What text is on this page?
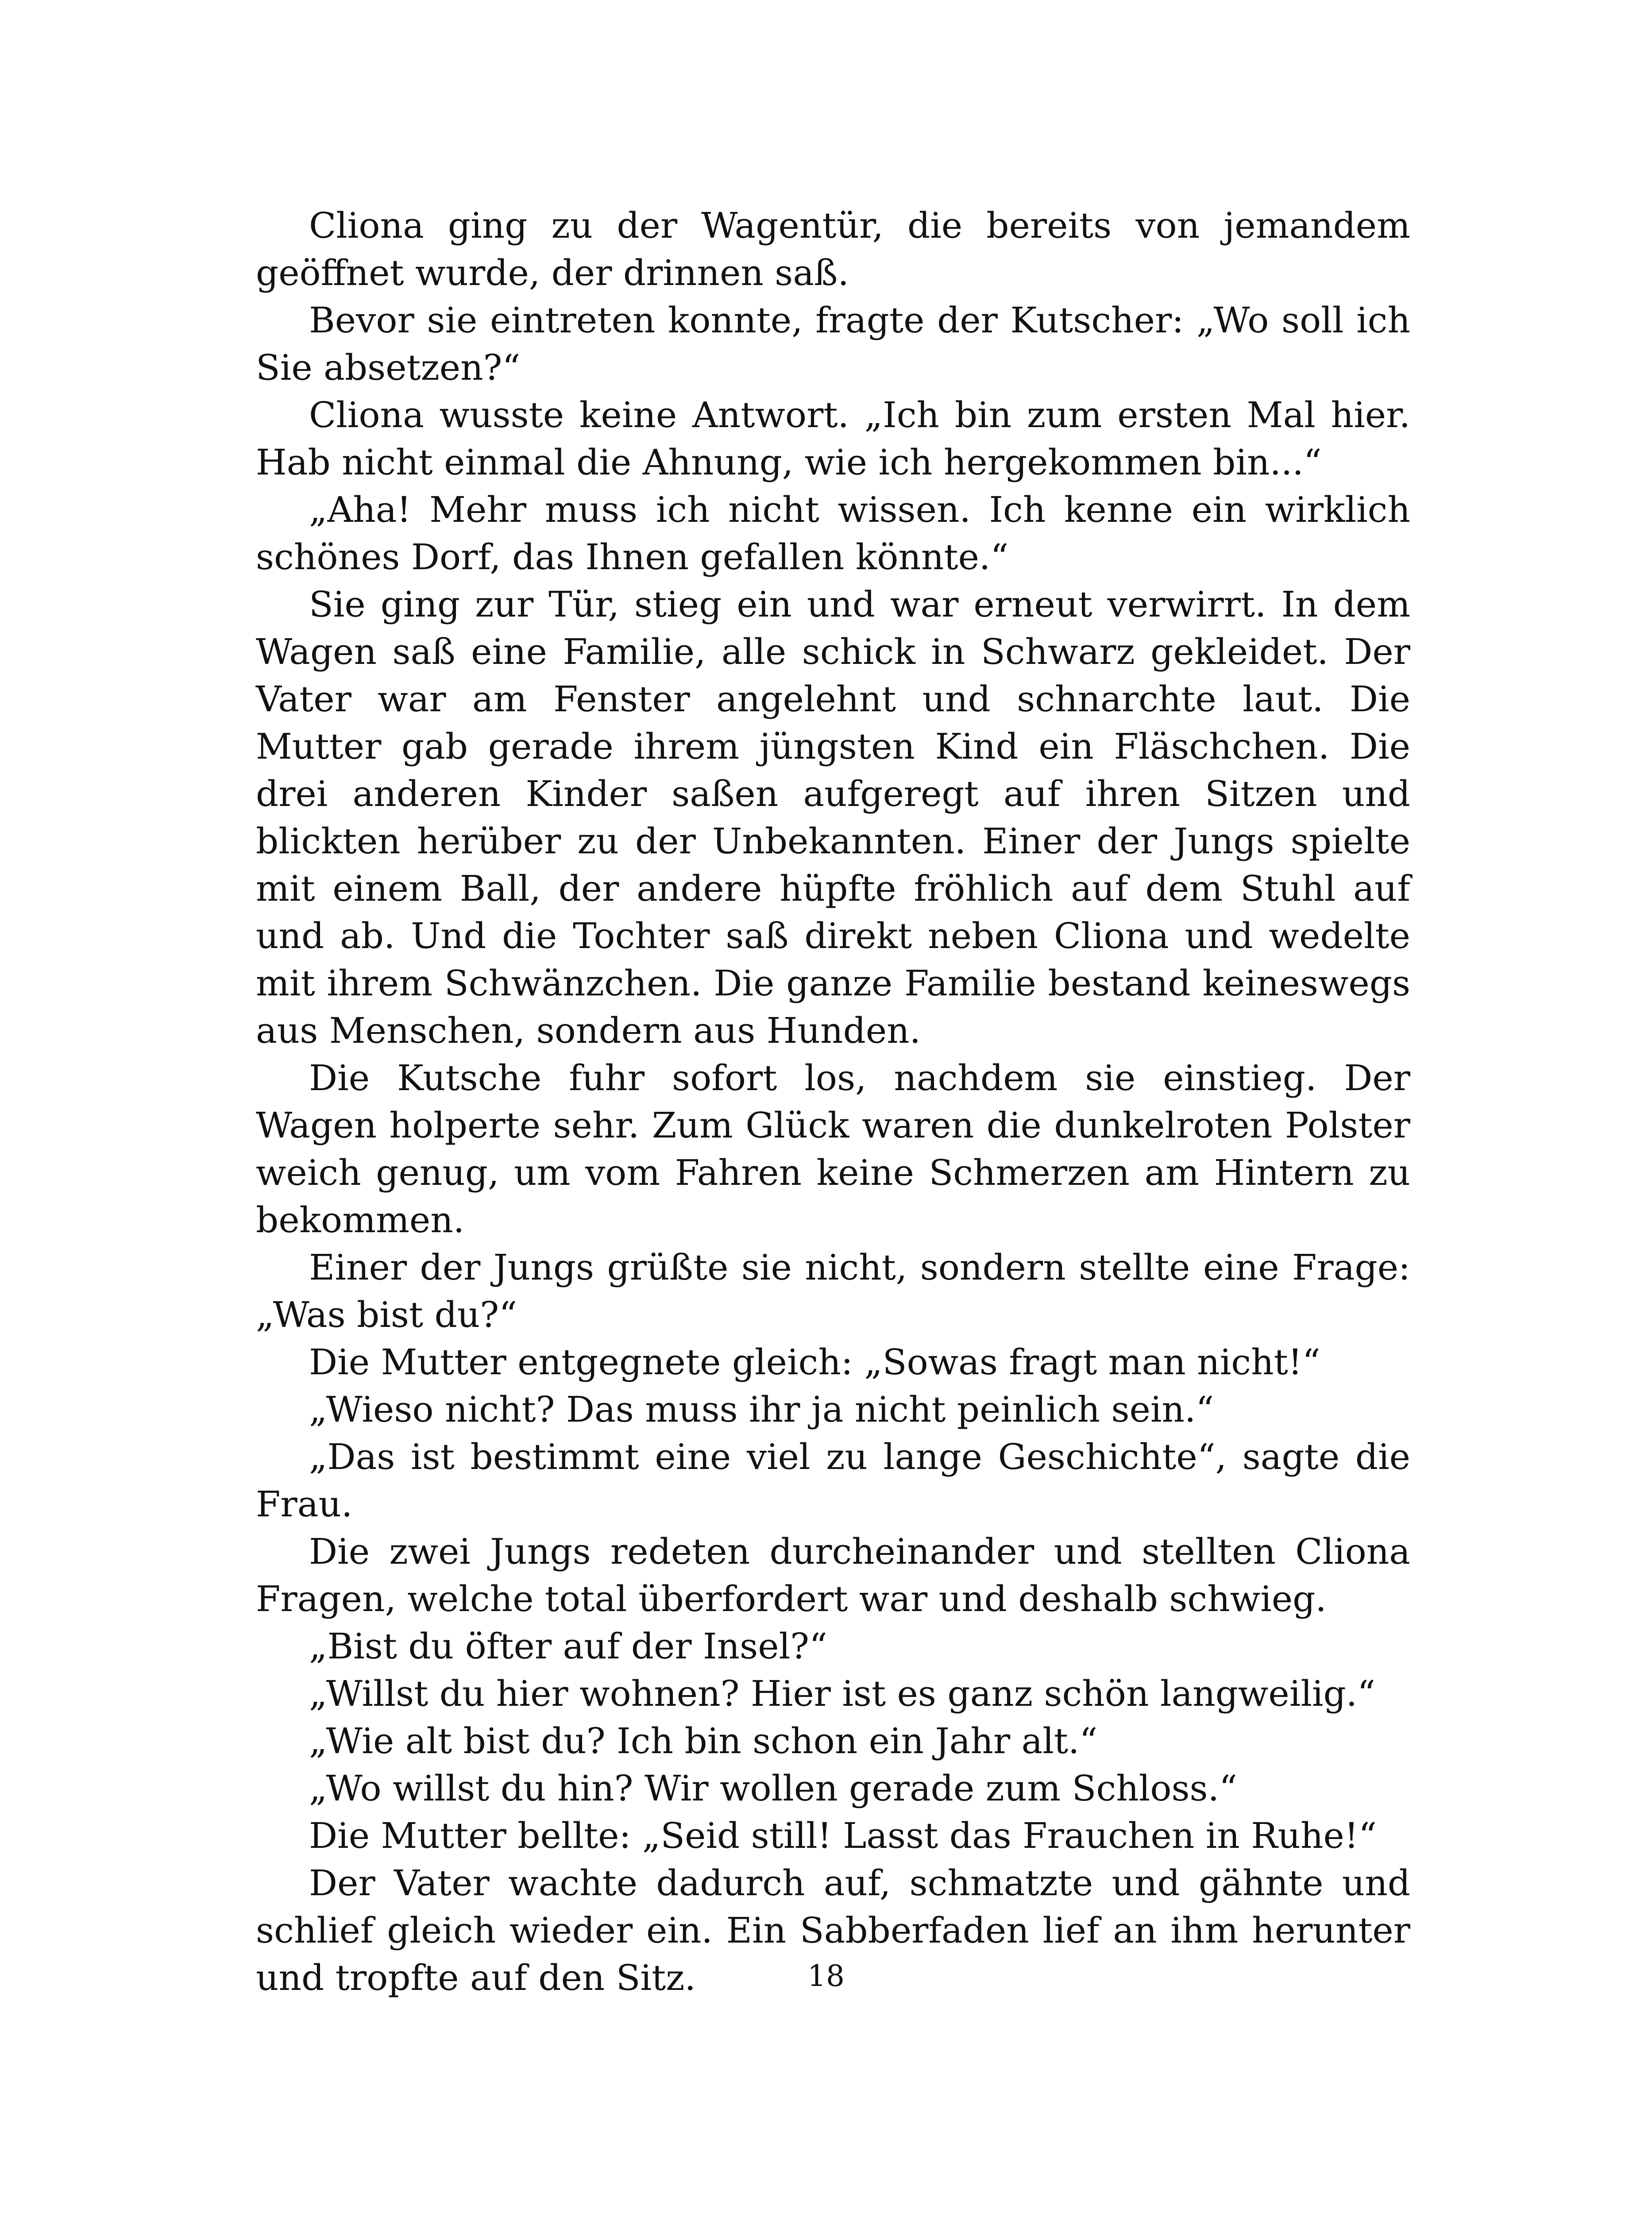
Cliona ging zu der Wagentür, die bereits von jemandem geöffnet wurde, der drinnen saß.

Bevor sie eintreten konnte, fragte der Kutscher: „Wo soll ich Sie absetzen?“

Cliona wusste keine Antwort. „Ich bin zum ersten Mal hier. Hab nicht einmal die Ahnung, wie ich hergekommen bin...“

„Aha! Mehr muss ich nicht wissen. Ich kenne ein wirklich schönes Dorf, das Ihnen gefallen könnte.“

Sie ging zur Tür, stieg ein und war erneut verwirrt. In dem Wagen saß eine Familie, alle schick in Schwarz gekleidet. Der Vater war am Fenster angelehnt und schnarchte laut. Die Mutter gab gerade ihrem jüngsten Kind ein Fläschchen. Die drei anderen Kinder saßen aufgeregt auf ihren Sitzen und blickten herüber zu der Unbekannten. Einer der Jungs spielte mit einem Ball, der andere hüpfte fröhlich auf dem Stuhl auf und ab. Und die Tochter saß direkt neben Cliona und wedelte mit ihrem Schwänzchen. Die ganze Familie bestand keineswegs aus Menschen, sondern aus Hunden.

Die Kutsche fuhr sofort los, nachdem sie einstieg. Der Wagen holperte sehr. Zum Glück waren die dunkelroten Polster weich genug, um vom Fahren keine Schmerzen am Hintern zu bekommen.

Einer der Jungs grüßte sie nicht, sondern stellte eine Frage: „Was bist du?“

Die Mutter entgegnete gleich: „Sowas fragt man nicht!“

„Wieso nicht? Das muss ihr ja nicht peinlich sein.“

„Das ist bestimmt eine viel zu lange Geschichte“, sagte die Frau.

Die zwei Jungs redeten durcheinander und stellten Cliona Fragen, welche total überfordert war und deshalb schwieg.

„Bist du öfter auf der Insel?“

„Willst du hier wohnen? Hier ist es ganz schön langweilig.“

„Wie alt bist du? Ich bin schon ein Jahr alt.“

„Wo willst du hin? Wir wollen gerade zum Schloss.“

Die Mutter bellte: „Seid still! Lasst das Frauchen in Ruhe!“

Der Vater wachte dadurch auf, schmatzte und gähnte und schlief gleich wieder ein. Ein Sabberfaden lief an ihm herunter und tropfte auf den Sitz.	18
